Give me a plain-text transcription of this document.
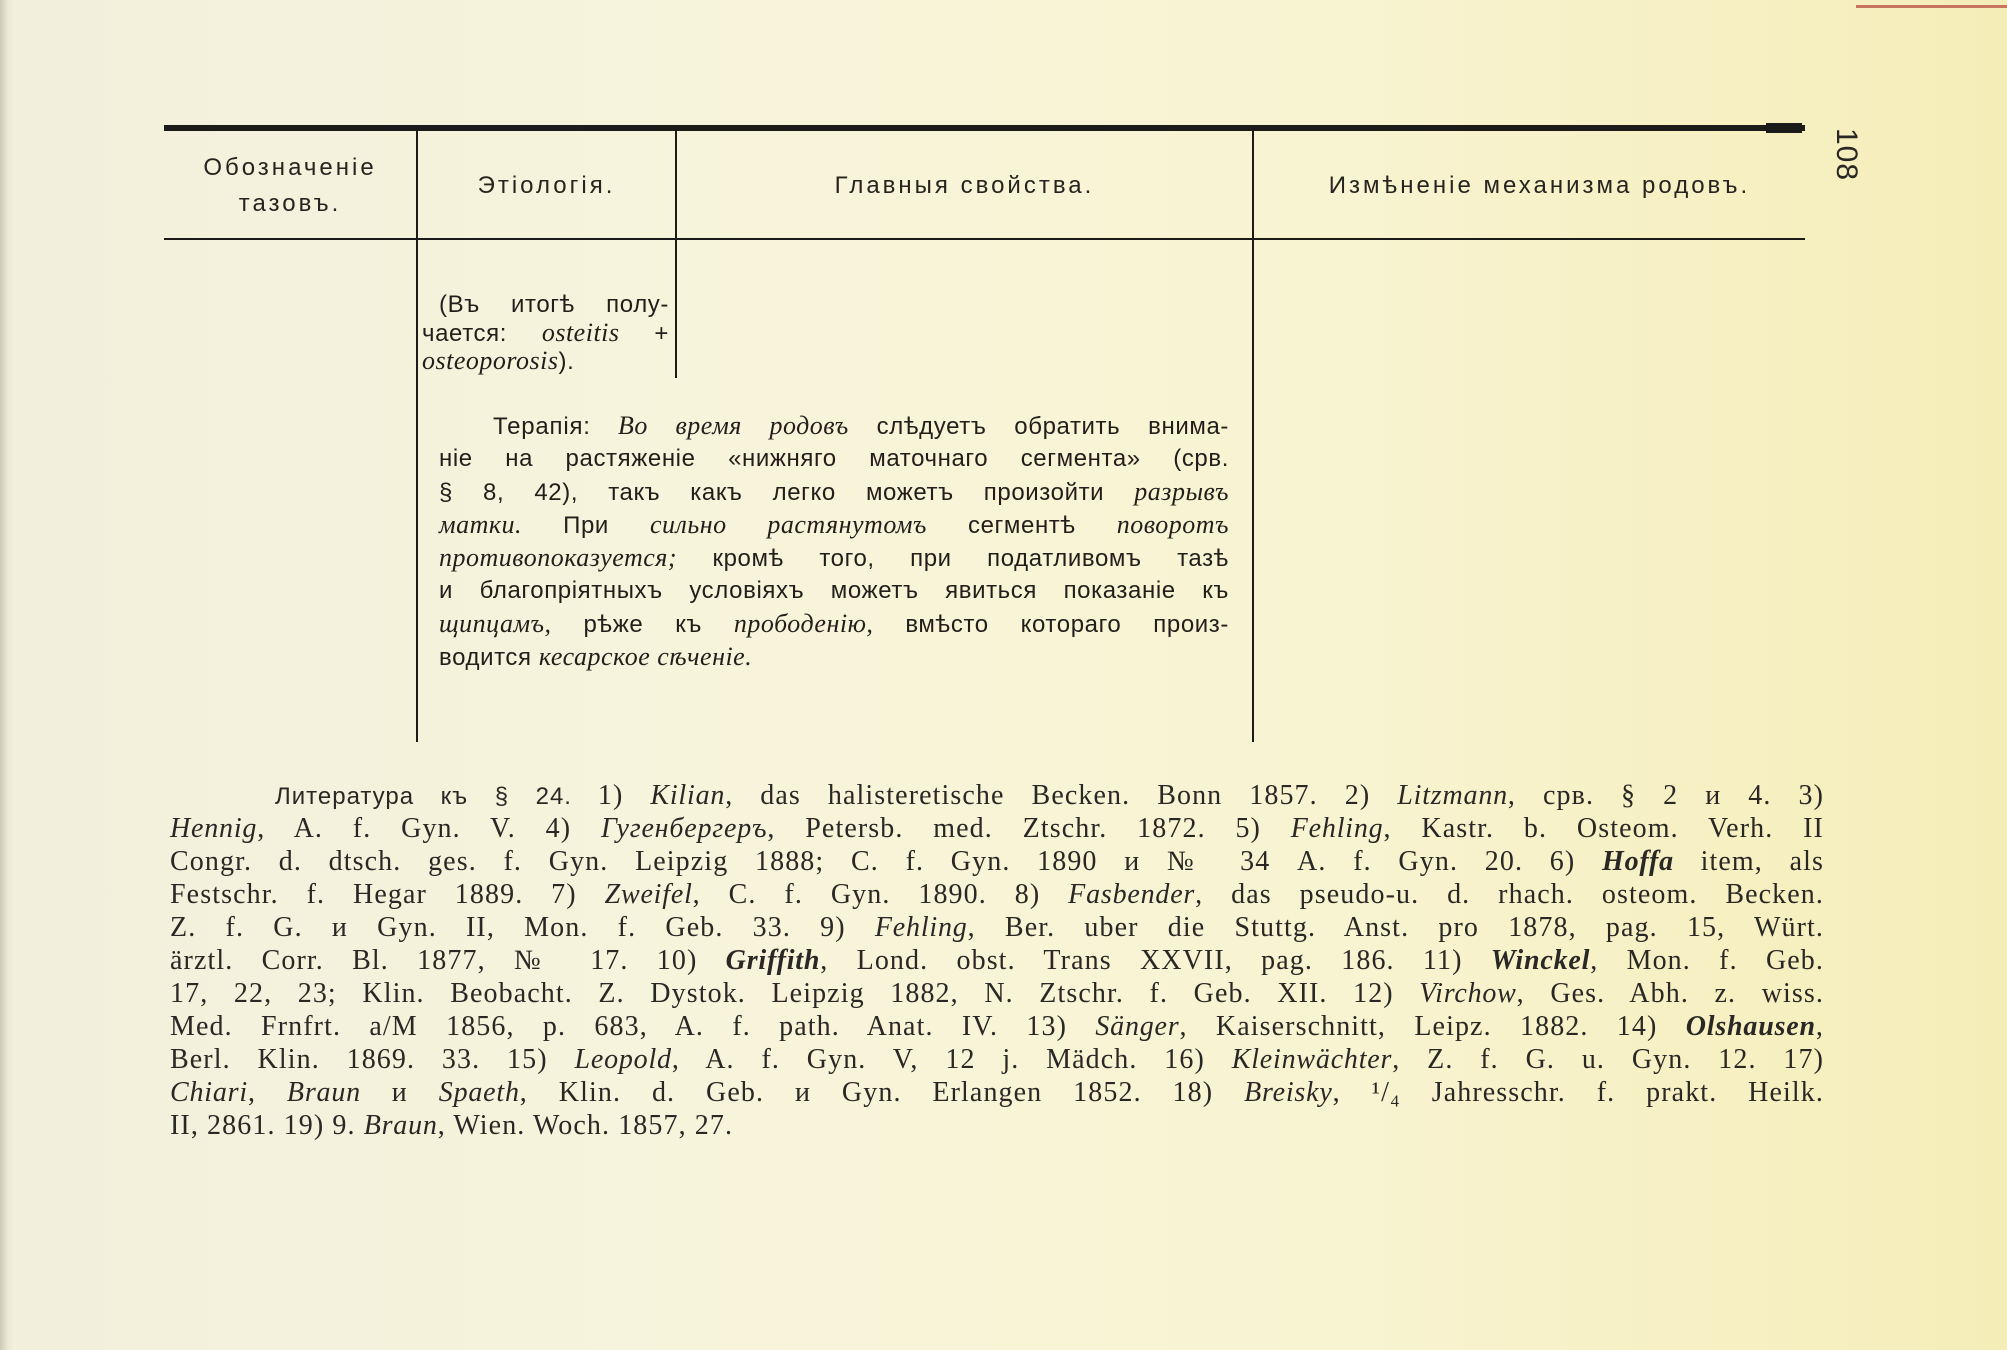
108
Обозначеніе
тазовъ.
Этіологія.	Главныя свойства.	Измѣненіе механизма родовъ.
(Въ итогѣ полу-
чается: osteitis +
osteoporosis).
Терапія: Во время родовъ слѣдуетъ обратить внима-
ніе на растяженіе «нижняго маточнаго сегмента» (срв.
§ 8, 42), такъ какъ легко можетъ произойти разрывъ
матки. При сильно растянутомъ сегментѣ поворотъ
противопоказуется; кромѣ того, при податливомъ тазѣ
и благопріятныхъ условіяхъ можетъ явиться показаніе къ
щипцамъ, рѣже къ прободенію, вмѣсто котораго произ-
водится кесарское сѣченіе.
Литература къ § 24. 1) Kilian, das halisteretische Becken. Bonn 1857. 2) Litzmann, срв. § 2 и 4. 3)
Hennig, A. f. Gyn. V. 4) Гугенбергеръ, Petersb. med. Ztschr. 1872. 5) Fehling, Kastr. b. Osteom. Verh. II
Congr. d. dtsch. ges. f. Gyn. Leipzig 1888; C. f. Gyn. 1890 и № 34 A. f. Gyn. 20. 6) Hoffa item, als
Festschr. f. Hegar 1889. 7) Zweifel, C. f. Gyn. 1890. 8) Fasbender, das pseudo-u. d. rhach. osteom. Becken.
Z. f. G. и Gyn. II, Mon. f. Geb. 33. 9) Fehling, Ber. uber die Stuttg. Anst. pro 1878, pag. 15, Würt.
ärztl. Corr. Bl. 1877, № 17. 10) Griffith, Lond. obst. Trans XXVII, pag. 186. 11) Winckel, Mon. f. Geb.
17, 22, 23; Klin. Beobacht. Z. Dystok. Leipzig 1882, N. Ztschr. f. Geb. XII. 12) Virchow, Ges. Abh. z. wiss.
Med. Frnfrt. a/M 1856, p. 683, A. f. path. Anat. IV. 13) Sänger, Kaiserschnitt, Leipz. 1882. 14) Olshausen,
Berl. Klin. 1869. 33. 15) Leopold, A. f. Gyn. V, 12 j. Mädch. 16) Kleinwächter, Z. f. G. u. Gyn. 12. 17)
Chiari, Braun и Spaeth, Klin. d. Geb. и Gyn. Erlangen 1852. 18) Breisky, ¹/₄ Jahresschr. f. prakt. Heilk.
II, 2861. 19) 9. Braun, Wien. Woch. 1857, 27.
